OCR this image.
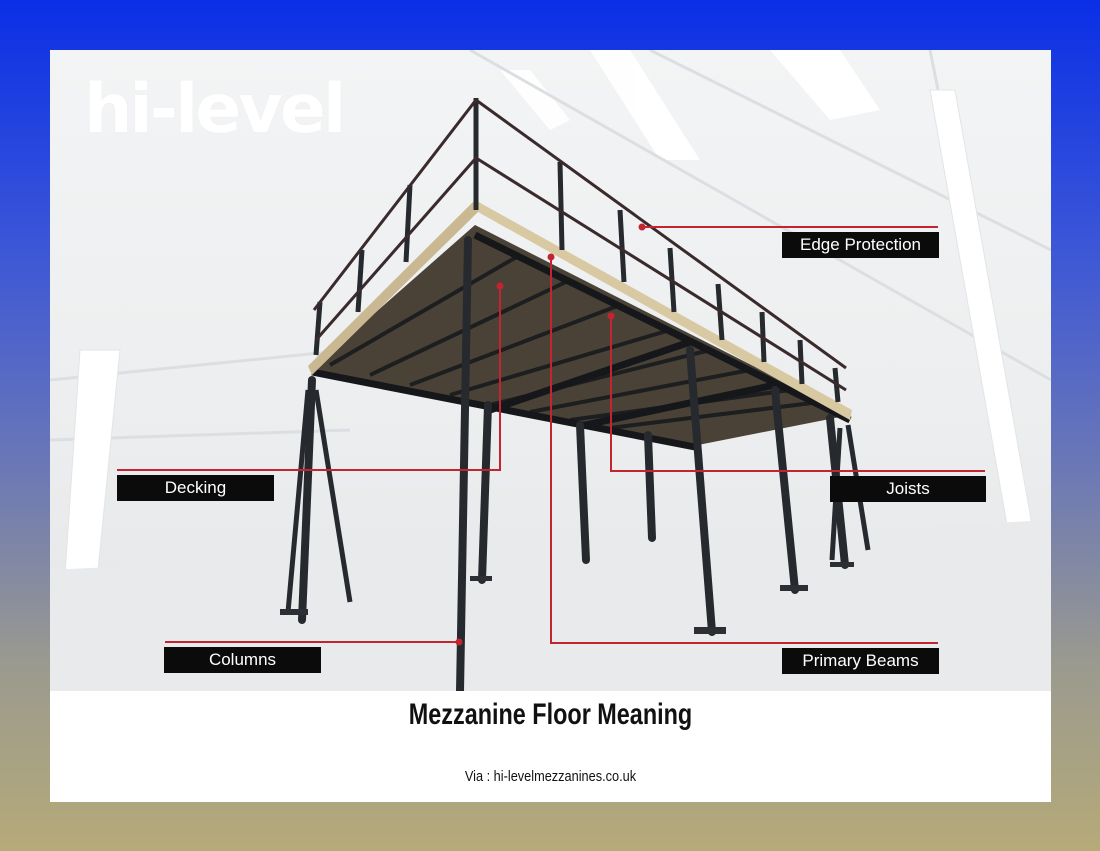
hi-level
Edge Protection
Decking	Joists
Columns	Primary Beams
Mezzanine Floor Meaning
Via : hi-levelmezzanines.co.uk
